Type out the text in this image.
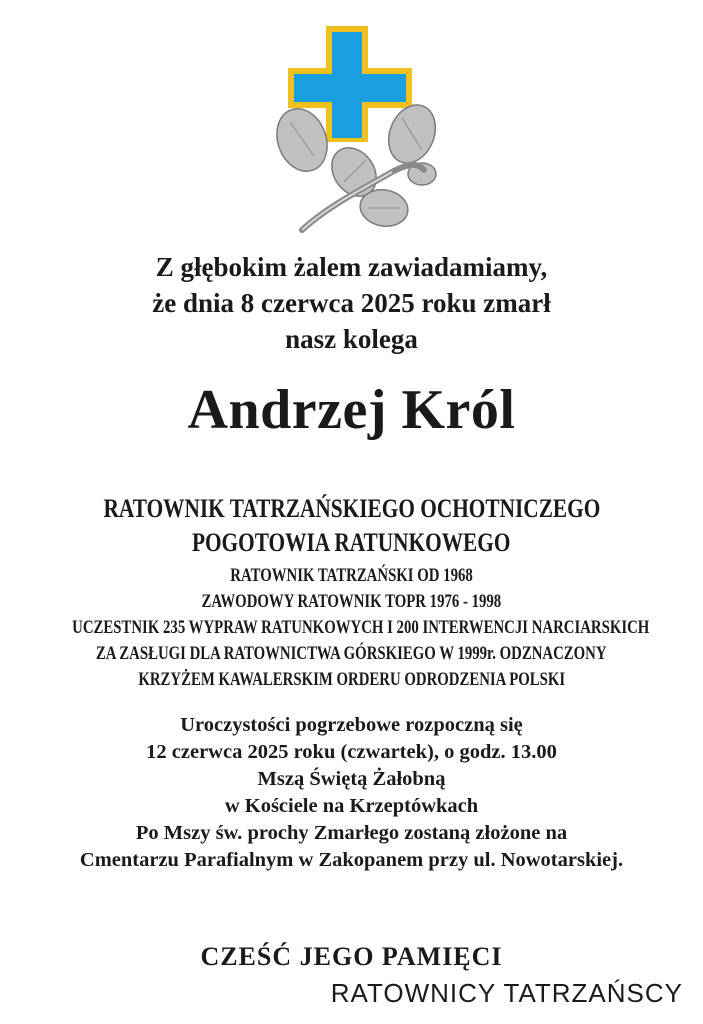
Z głębokim żalem zawiadamiamy,
że dnia 8 czerwca 2025 roku zmarł
nasz kolega
Andrzej Król
RATOWNIK TATRZAŃSKIEGO OCHOTNICZEGO
POGOTOWIA RATUNKOWEGO
RATOWNIK TATRZAŃSKI OD 1968
ZAWODOWY RATOWNIK TOPR 1976 - 1998
UCZESTNIK 235 WYPRAW RATUNKOWYCH I 200 INTERWENCJI NARCIARSKICH
ZA ZASŁUGI DLA RATOWNICTWA GÓRSKIEGO W 1999r. ODZNACZONY
KRZYŻEM KAWALERSKIM ORDERU ODRODZENIA POLSKI
Uroczystości pogrzebowe rozpoczną się
12 czerwca 2025 roku (czwartek), o godz. 13.00
Mszą Świętą Żałobną
w Kościele na Krzeptówkach
Po Mszy św. prochy Zmarłego zostaną złożone na
Cmentarzu Parafialnym w Zakopanem przy ul. Nowotarskiej.
CZEŚĆ JEGO PAMIĘCI
RATOWNICY TATRZAŃSCY
